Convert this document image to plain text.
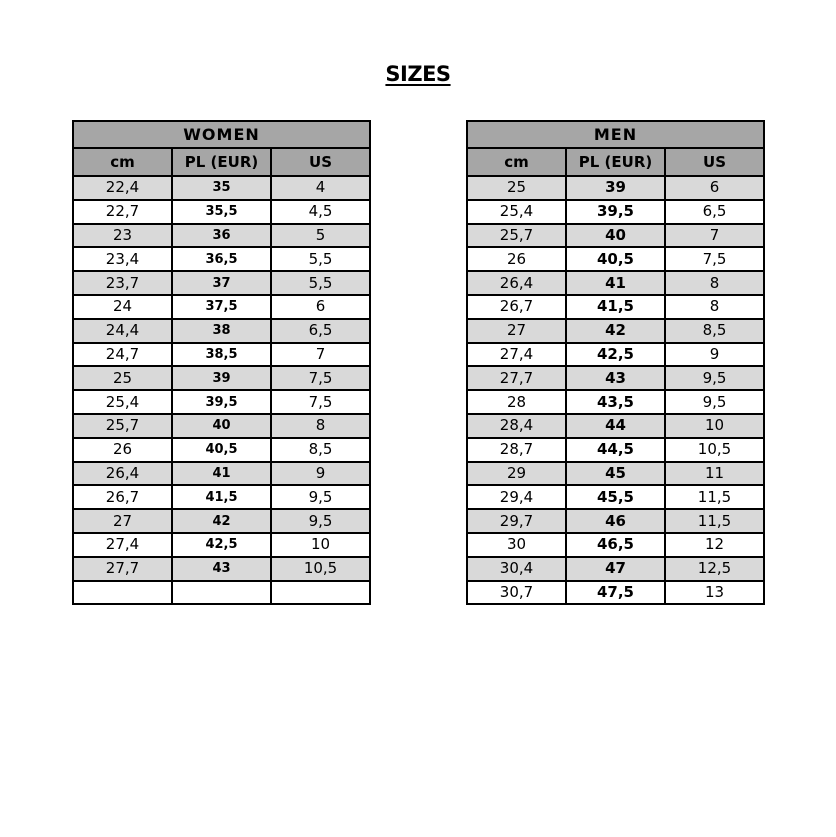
SIZES
WOMEN		
cm	PL (EUR)	US
22,4	35	4
22,7	35,5	4,5
23	36	5
23,4	36,5	5,5
23,7	37	5,5
24	37,5	6
24,4	38	6,5
24,7	38,5	7
25	39	7,5
25,4	39,5	7,5
25,7	40	8
26	40,5	8,5
26,4	41	9
26,7	41,5	9,5
27	42	9,5
27,4	42,5	10
27,7	43	10,5

MEN		
cm	PL (EUR)	US
25	39	6
25,4	39,5	6,5
25,7	40	7
26	40,5	7,5
26,4	41	8
26,7	41,5	8
27	42	8,5
27,4	42,5	9
27,7	43	9,5
28	43,5	9,5
28,4	44	10
28,7	44,5	10,5
29	45	11
29,4	45,5	11,5
29,7	46	11,5
30	46,5	12
30,4	47	12,5
30,7	47,5	13
